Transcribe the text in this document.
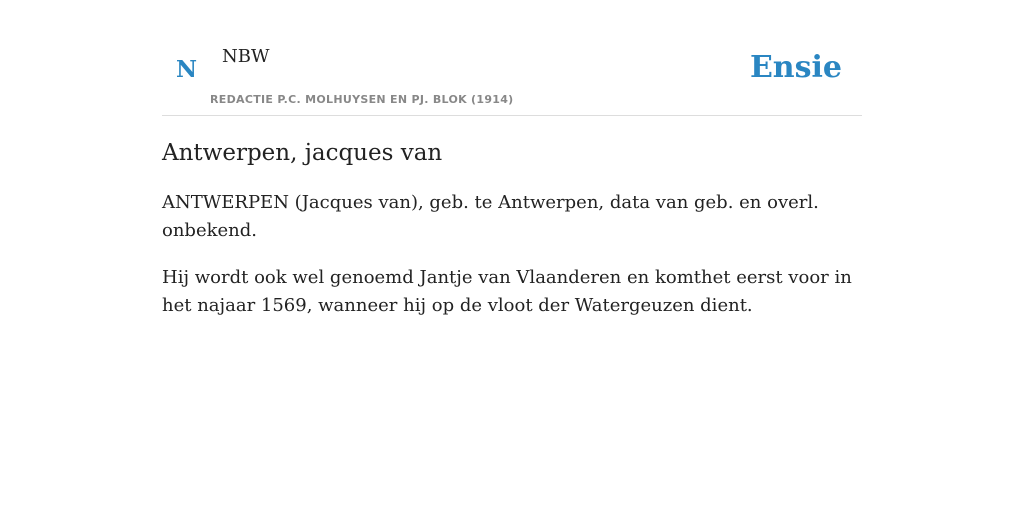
N NBW
REDACTIE P.C. MOLHUYSEN EN PJ. BLOK (1914)
Ensie
Antwerpen, jacques van

ANTWERPEN (Jacques van), geb. te Antwerpen, data van geb. en overl. onbekend.

Hij wordt ook wel genoemd Jantje van Vlaanderen en komthet eerst voor in het najaar 1569, wanneer hij op de vloot der Watergeuzen dient.
